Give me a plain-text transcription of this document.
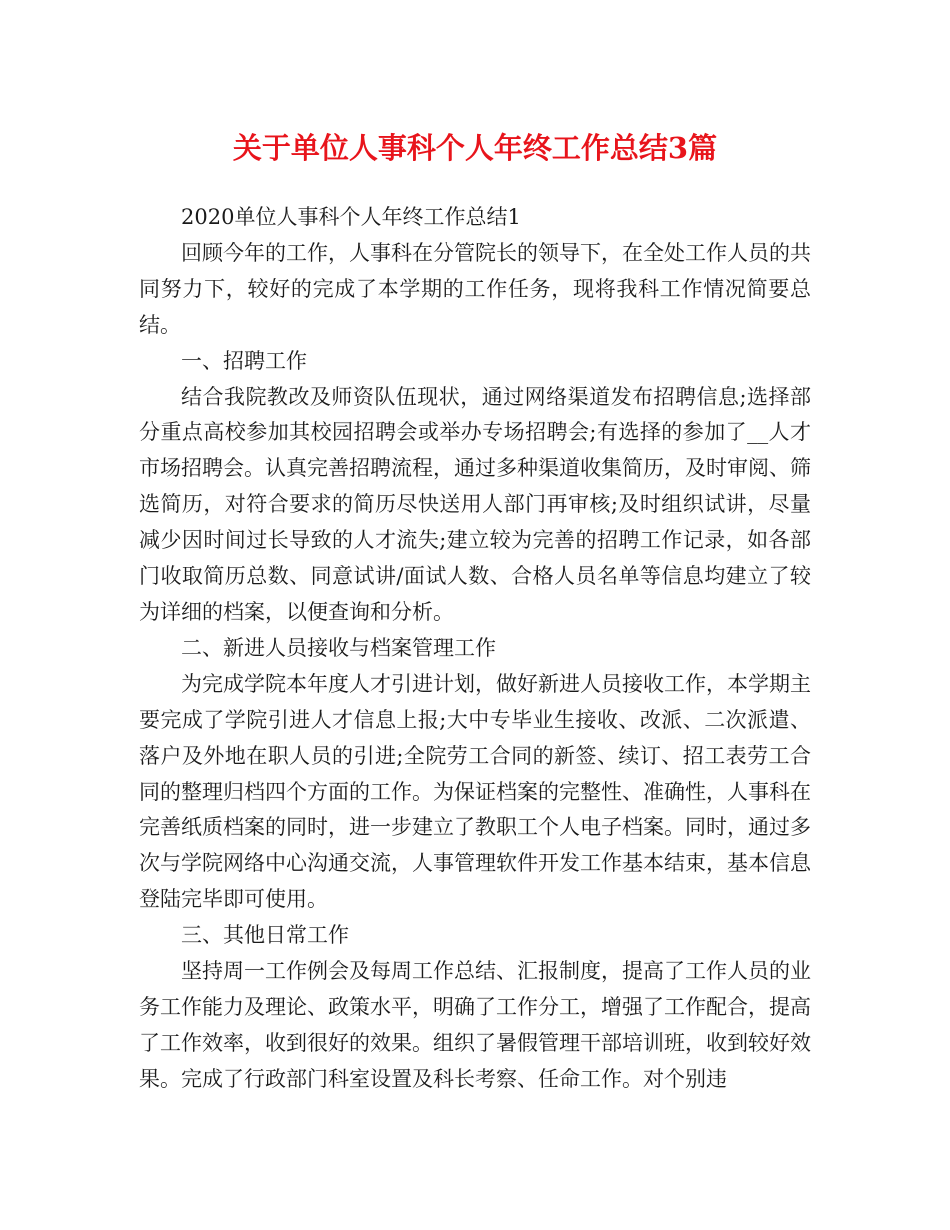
关于单位人事科个人年终工作总结3篇

2020单位人事科个人年终工作总结1

回顾今年的工作，人事科在分管院长的领导下，在全处工作人员的共同努力下，较好的完成了本学期的工作任务，现将我科工作情况简要总结。

一、招聘工作

结合我院教改及师资队伍现状，通过网络渠道发布招聘信息;选择部分重点高校参加其校园招聘会或举办专场招聘会;有选择的参加了__人才市场招聘会。认真完善招聘流程，通过多种渠道收集简历，及时审阅、筛选简历，对符合要求的简历尽快送用人部门再审核;及时组织试讲，尽量减少因时间过长导致的人才流失;建立较为完善的招聘工作记录，如各部门收取简历总数、同意试讲/面试人数、合格人员名单等信息均建立了较为详细的档案，以便查询和分析。

二、新进人员接收与档案管理工作

为完成学院本年度人才引进计划，做好新进人员接收工作，本学期主要完成了学院引进人才信息上报;大中专毕业生接收、改派、二次派遣、落户及外地在职人员的引进;全院劳工合同的新签、续订、招工表劳工合同的整理归档四个方面的工作。为保证档案的完整性、准确性，人事科在完善纸质档案的同时，进一步建立了教职工个人电子档案。同时，通过多次与学院网络中心沟通交流，人事管理软件开发工作基本结束，基本信息登陆完毕即可使用。

三、其他日常工作

坚持周一工作例会及每周工作总结、汇报制度，提高了工作人员的业务工作能力及理论、政策水平，明确了工作分工，增强了工作配合，提高了工作效率，收到很好的效果。组织了暑假管理干部培训班，收到较好效果。完成了行政部门科室设置及科长考察、任命工作。对个别违
